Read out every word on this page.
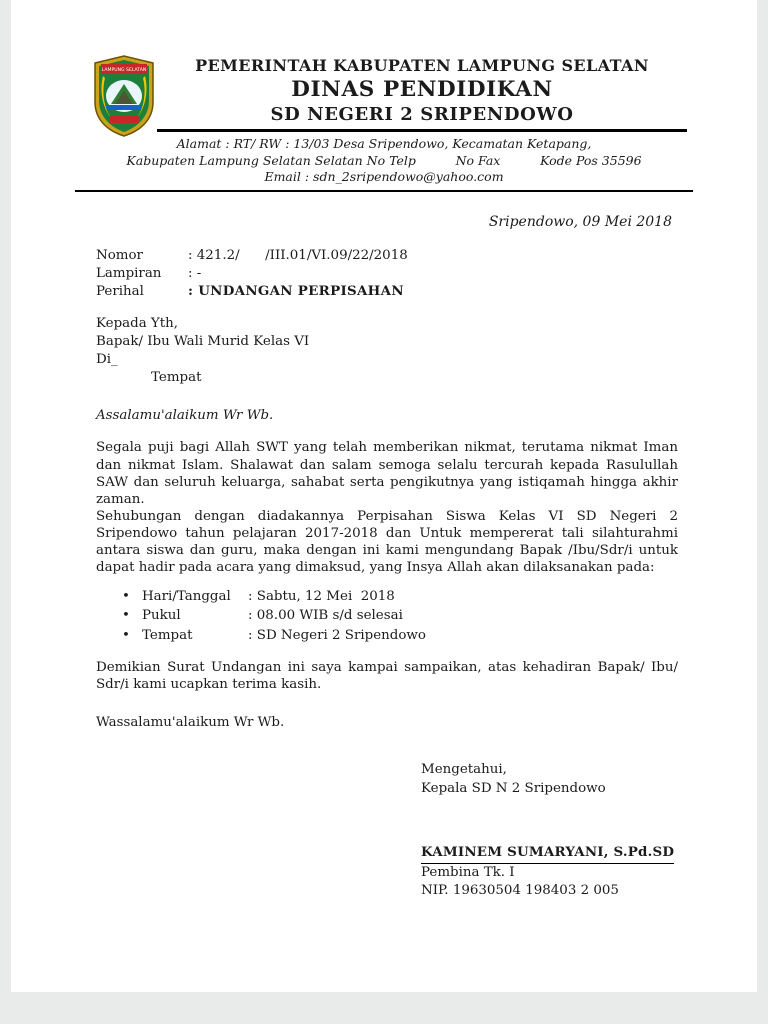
LAMPUNG SELATAN	PEMERINTAH KABUPATEN LAMPUNG SELATAN
DINAS PENDIDIKAN
SD NEGERI 2 SRIPENDOWO
Alamat : RT/ RW : 13/03 Desa Sripendowo, Kecamatan Ketapang,
Kabupaten Lampung Selatan Selatan No Telp          No Fax          Kode Pos 35596
Email : sdn_2sripendowo@yahoo.com
Sripendowo, 09 Mei 2018
Nomor	: 421.2/      /III.01/VI.09/22/2018
Lampiran	: -
Perihal	: UNDANGAN PERPISAHAN
Kepada Yth,
Bapak/ Ibu Wali Murid Kelas VI
Di_
Tempat
Assalamu'alaikum Wr Wb.

Segala puji bagi Allah SWT yang telah memberikan nikmat, terutama nikmat Iman dan nikmat Islam. Shalawat dan salam semoga selalu tercurah kepada Rasulullah SAW dan seluruh keluarga, sahabat serta pengikutnya yang istiqamah hingga akhir zaman.

Sehubungan dengan diadakannya Perpisahan Siswa Kelas VI SD Negeri 2 Sripendowo tahun pelajaran 2017-2018 dan Untuk mempererat tali silahturahmi antara siswa dan guru, maka dengan ini kami mengundang Bapak /Ibu/Sdr/i untuk dapat hadir pada acara yang dimaksud, yang Insya Allah akan dilaksanakan pada:

• Hari/Tanggal	: Sabtu, 12 Mei  2018
• Pukul	: 08.00 WIB s/d selesai
• Tempat	: SD Negeri 2 Sripendowo
Demikian Surat Undangan ini saya kampai sampaikan, atas kehadiran Bapak/ Ibu/ Sdr/i kami ucapkan terima kasih.
Wassalamu'alaikum Wr Wb.
Mengetahui,
Kepala SD N 2 Sripendowo
KAMINEM SUMARYANI, S.Pd.SD
Pembina Tk. I
NIP. 19630504 198403 2 005
